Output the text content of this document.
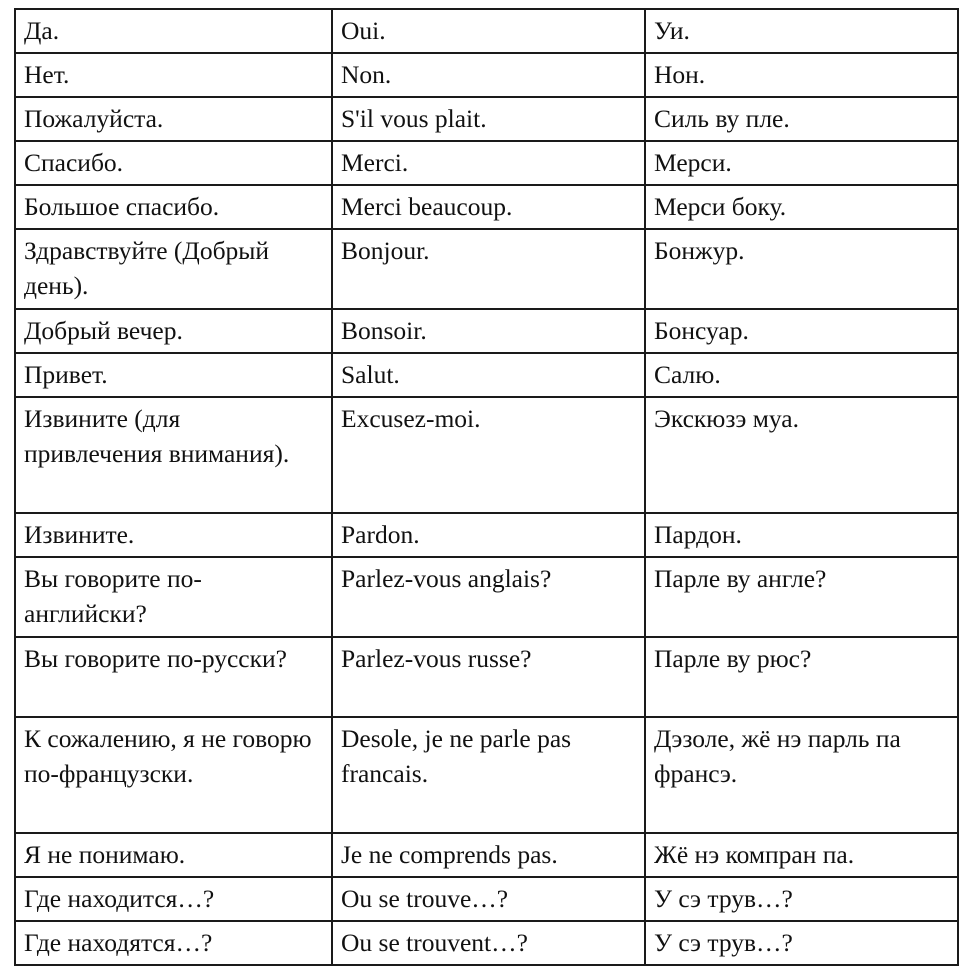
Да.	Oui.	Уи.
Нет.	Non.	Нон.
Пожалуйста.	S'il vous plait.	Силь ву пле.
Спасибо.	Merci.	Мерси.
Большое спасибо.	Merci beaucoup.	Мерси боку.
Здравствуйте (Добрый день).	Bonjour.	Бонжур.
Добрый вечер.	Bonsoir.	Бонсуар.
Привет.	Salut.	Салю.
Извините (для привлечения внимания).	Excusez-moi.	Экскюзэ муа.
Извините.	Pardon.	Пардон.
Вы говорите по-английски?	Parlez-vous anglais?	Парле ву англе?
Вы говорите по-русски?	Parlez-vous russe?	Парле ву рюс?
К сожалению, я не говорю по-французски.	Desole, je ne parle pas francais.	Дэзоле, жё нэ парль па франсэ.
Я не понимаю.	Je ne comprends pas.	Жё нэ компран па.
Где находится…?	Ou se trouve…?	У сэ трув…?
Где находятся…?	Ou se trouvent…?	У сэ трув…?
